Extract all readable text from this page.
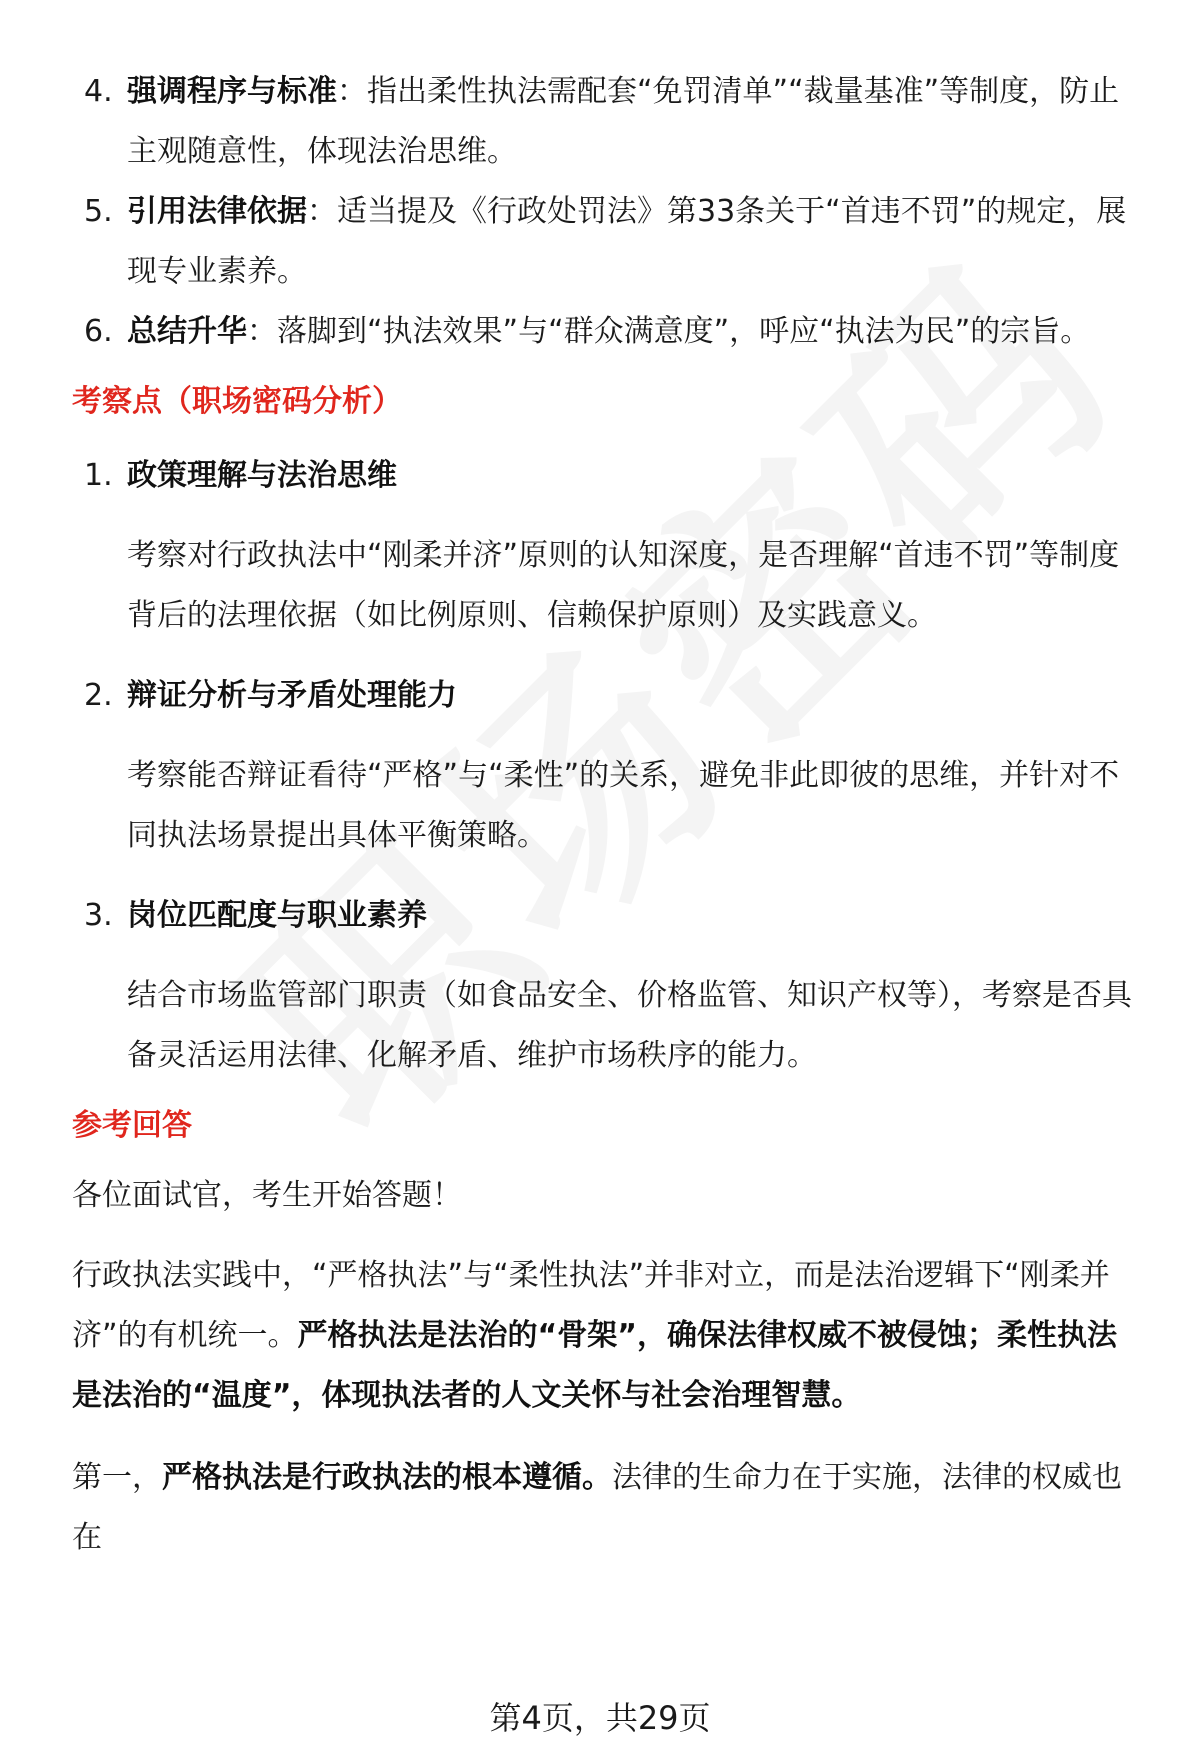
4. 强调程序与标准：指出柔性执法需配套“免罚清单”“裁量基准”等制度，防止主观随意性，体现法治思维。

5. 引用法律依据：适当提及《行政处罚法》第33条关于“首违不罚”的规定，展现专业素养。

6. 总结升华：落脚到“执法效果”与“群众满意度”，呼应“执法为民”的宗旨。

考察点（职场密码分析）

1. 政策理解与法治思维

考察对行政执法中“刚柔并济”原则的认知深度，是否理解“首违不罚”等制度背后的法理依据（如比例原则、信赖保护原则）及实践意义。

2. 辩证分析与矛盾处理能力

考察能否辩证看待“严格”与“柔性”的关系，避免非此即彼的思维，并针对不同执法场景提出具体平衡策略。

3. 岗位匹配度与职业素养

结合市场监管部门职责（如食品安全、价格监管、知识产权等），考察是否具备灵活运用法律、化解矛盾、维护市场秩序的能力。

参考回答

各位面试官，考生开始答题！

行政执法实践中，“严格执法”与“柔性执法”并非对立，而是法治逻辑下“刚柔并济”的有机统一。严格执法是法治的“骨架”，确保法律权威不被侵蚀；柔性执法是法治的“温度”，体现执法者的人文关怀与社会治理智慧。

第一，严格执法是行政执法的根本遵循。法律的生命力在于实施，法律的权威也在

第4页，共29页
